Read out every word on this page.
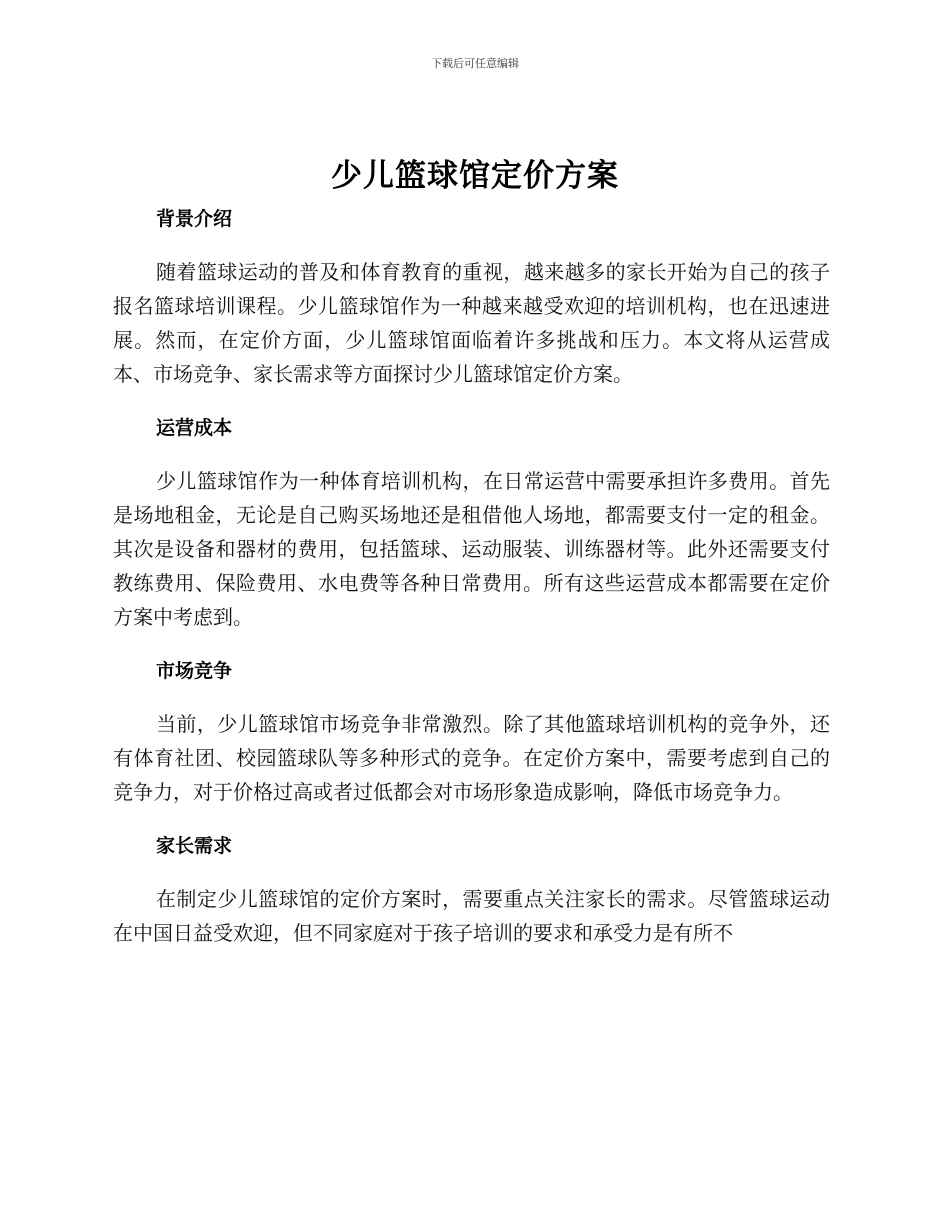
下载后可任意编辑
少儿篮球馆定价方案
背景介绍

随着篮球运动的普及和体育教育的重视，越来越多的家长开始为自己的孩子报名篮球培训课程。少儿篮球馆作为一种越来越受欢迎的培训机构，也在迅速进展。然而，在定价方面，少儿篮球馆面临着许多挑战和压力。本文将从运营成本、市场竞争、家长需求等方面探讨少儿篮球馆定价方案。

运营成本

少儿篮球馆作为一种体育培训机构，在日常运营中需要承担许多费用。首先是场地租金，无论是自己购买场地还是租借他人场地，都需要支付一定的租金。其次是设备和器材的费用，包括篮球、运动服装、训练器材等。此外还需要支付教练费用、保险费用、水电费等各种日常费用。所有这些运营成本都需要在定价方案中考虑到。

市场竞争

当前，少儿篮球馆市场竞争非常激烈。除了其他篮球培训机构的竞争外，还有体育社团、校园篮球队等多种形式的竞争。在定价方案中，需要考虑到自己的竞争力，对于价格过高或者过低都会对市场形象造成影响，降低市场竞争力。

家长需求

在制定少儿篮球馆的定价方案时，需要重点关注家长的需求。尽管篮球运动在中国日益受欢迎，但不同家庭对于孩子培训的要求和承受力是有所不
